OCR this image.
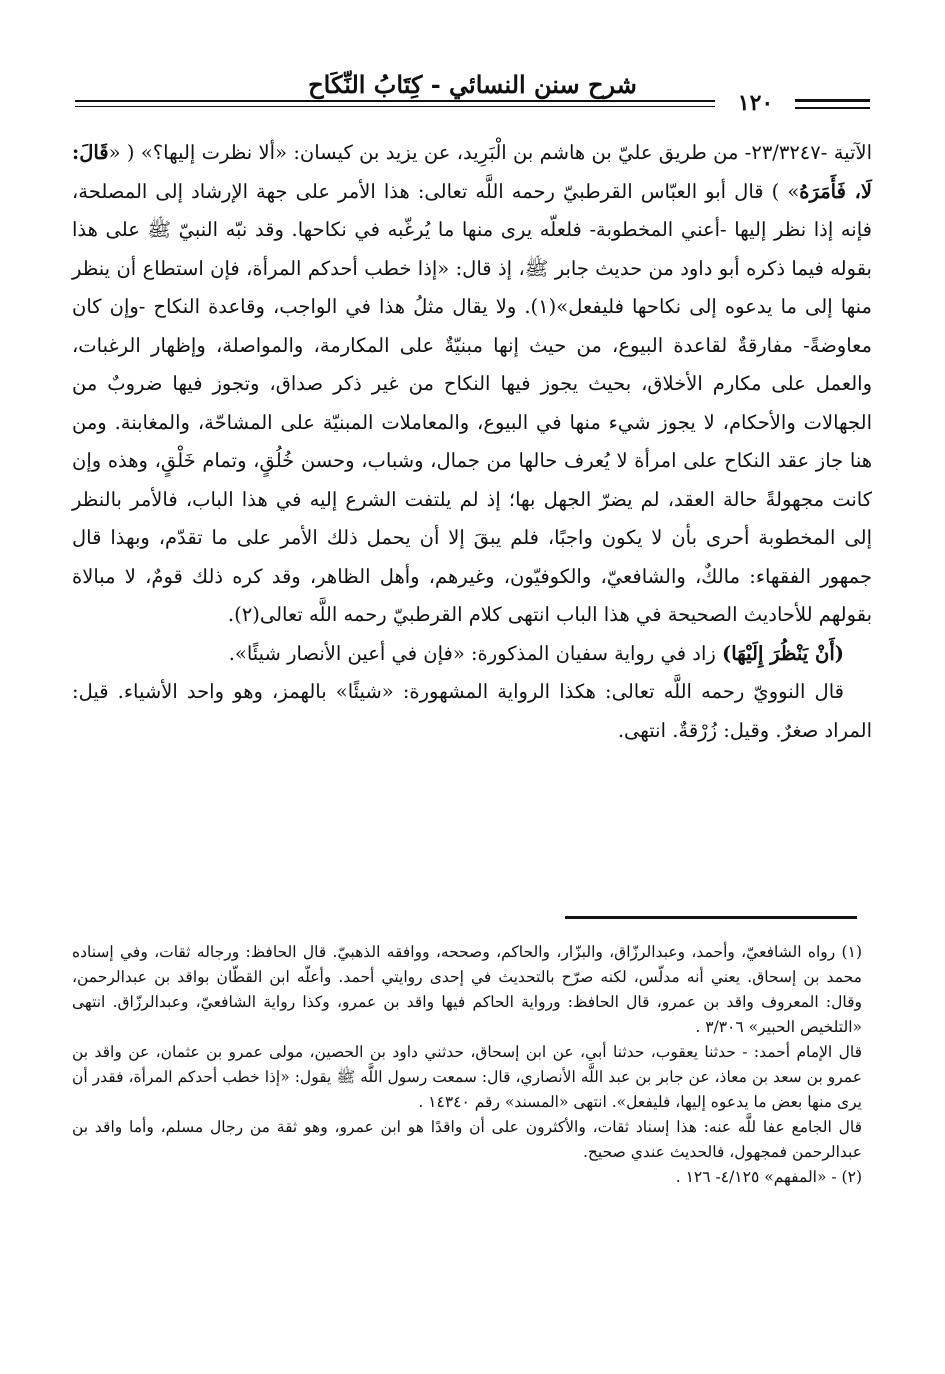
شرح سنن النسائي - كِتَابُ النِّكَاح
١٢٠

الآتية -٢٣/٣٢٤٧- من طريق عليّ بن هاشم بن الْبَرِيد، عن يزيد بن كيسان: «ألا نظرت إليها؟» ( «قَالَ: لَا، فَأَمَرَهُ» ) قال أبو العبّاس القرطبيّ رحمه اللَّه تعالى: هذا الأمر على جهة الإرشاد إلى المصلحة، فإنه إذا نظر إليها -أعني المخطوبة- فلعلّه يرى منها ما يُرغّبه في نكاحها. وقد نبّه النبيّ ﷺ على هذا بقوله فيما ذكره أبو داود من حديث جابر ﷺ، إذ قال: «إذا خطب أحدكم المرأة، فإن استطاع أن ينظر منها إلى ما يدعوه إلى نكاحها فليفعل»(١). ولا يقال مثلُ هذا في الواجب، وقاعدة النكاح -وإن كان معاوضةً- مفارقةٌ لقاعدة البيوع، من حيث إنها مبنيّةٌ على المكارمة، والمواصلة، وإظهار الرغبات، والعمل على مكارم الأخلاق، بحيث يجوز فيها النكاح من غير ذكر صداق، وتجوز فيها ضروبٌ من الجهالات والأحكام، لا يجوز شيء منها في البيوع، والمعاملات المبنيّة على المشاحّة، والمغابنة. ومن هنا جاز عقد النكاح على امرأة لا يُعرف حالها من جمال، وشباب، وحسن خُلُقٍ، وتمام خَلْقٍ، وهذه وإن كانت مجهولةً حالة العقد، لم يضرّ الجهل بها؛ إذ لم يلتفت الشرع إليه في هذا الباب، فالأمر بالنظر إلى المخطوبة أحرى بأن لا يكون واجبًا، فلم يبقَ إلا أن يحمل ذلك الأمر على ما تقدّم، وبهذا قال جمهور الفقهاء: مالكٌ، والشافعيّ، والكوفيّون، وغيرهم، وأهل الظاهر، وقد كره ذلك قومٌ، لا مبالاة بقولهم للأحاديث الصحيحة في هذا الباب انتهى كلام القرطبيّ رحمه اللَّه تعالى(٢).

(أَنْ يَنْظُرَ إِلَيْهَا) زاد في رواية سفيان المذكورة: «فإن في أعين الأنصار شيئًا».

قال النوويّ رحمه اللَّه تعالى: هكذا الرواية المشهورة: «شيئًا» بالهمز، وهو واحد الأشياء. قيل: المراد صغرٌ. وقيل: زُرْقةٌ. انتهى.

(١) رواه الشافعيّ، وأحمد، وعبدالرزّاق، والبزّار، والحاكم، وصححه، ووافقه الذهبيّ. قال الحافظ: ورجاله ثقات، وفي إسناده محمد بن إسحاق. يعني أنه مدلّس، لكنه صرّح بالتحديث في إحدى روايتي أحمد. وأعلّه ابن القطّان بواقد بن عبدالرحمن، وقال: المعروف واقد بن عمرو، قال الحافظ: ورواية الحاكم فيها واقد بن عمرو، وكذا رواية الشافعيّ، وعبدالرزّاق. انتهى «التلخيص الحبير» ٣/٣٠٦ .

قال الإمام أحمد: - حدثنا يعقوب، حدثنا أبي، عن ابن إسحاق، حدثني داود بن الحصين، مولى عمرو بن عثمان، عن واقد بن عمرو بن سعد بن معاذ، عن جابر بن عبد اللَّه الأنصاري، قال: سمعت رسول اللَّه ﷺ يقول: «إذا خطب أحدكم المرأة، فقدر أن يرى منها بعض ما يدعوه إليها، فليفعل». انتهى «المسند» رقم ١٤٣٤٠ .

قال الجامع عفا للَّه عنه: هذا إسناد ثقات، والأكثرون على أن واقدًا هو ابن عمرو، وهو ثقة من رجال مسلم، وأما واقد بن عبدالرحمن فمجهول، فالحديث عندي صحيح.

(٢) - «المفهم» ٤/١٢٥- ١٢٦ .
